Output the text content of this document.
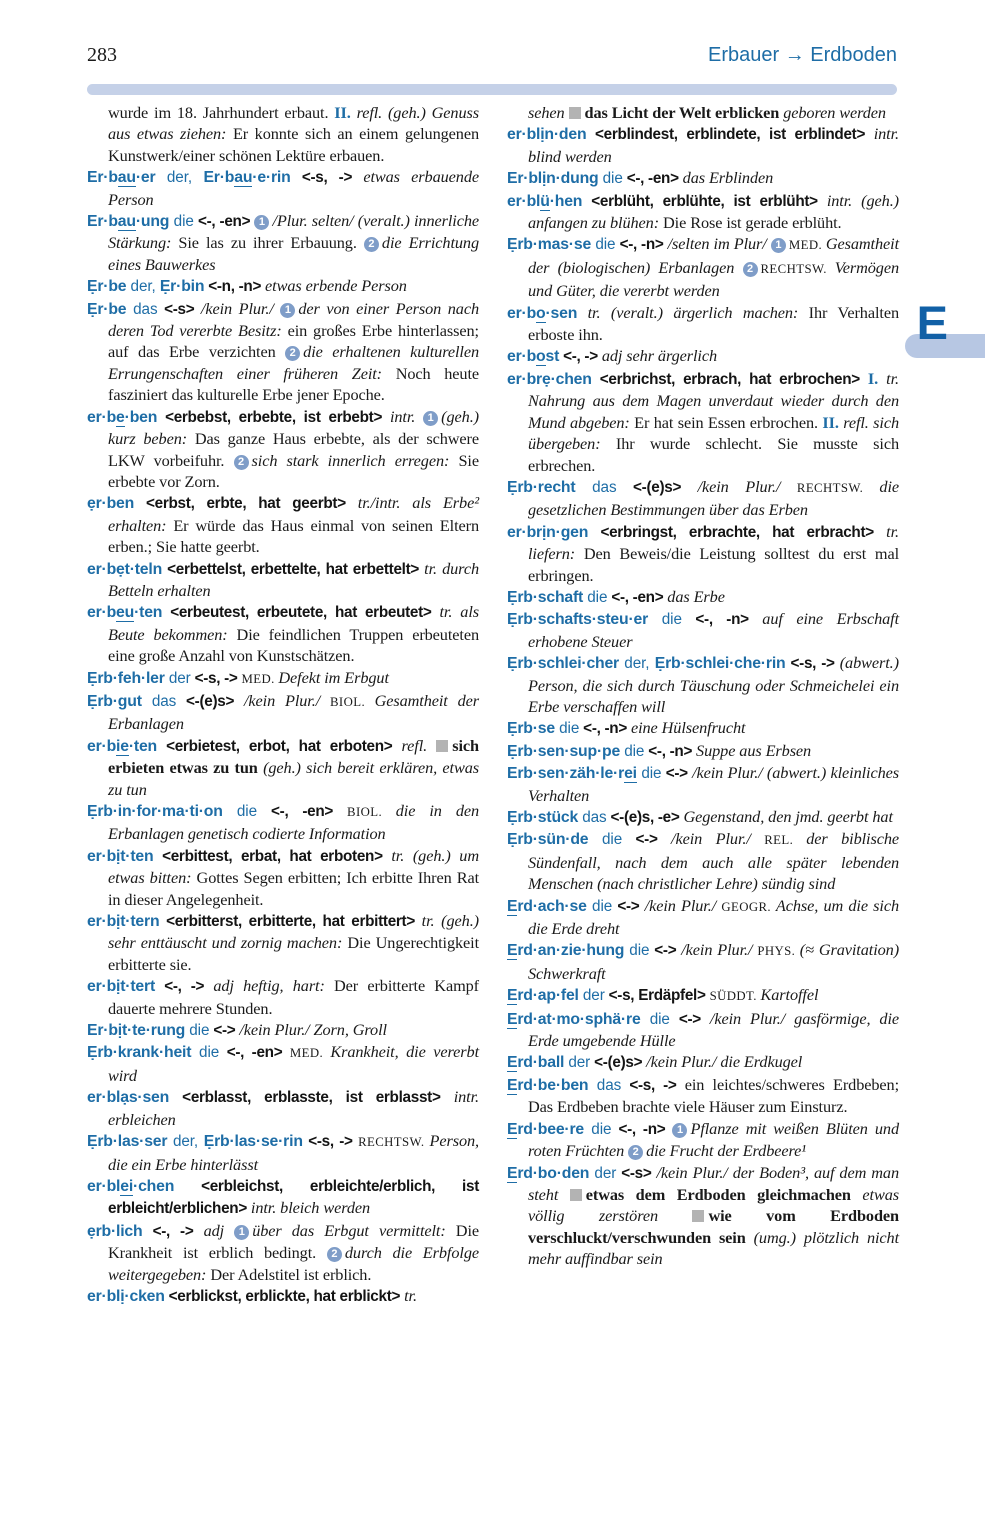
283	Erbauer → Erdboden

wurde im 18. Jahrhundert erbaut. II. refl. (geh.) Genuss aus etwas ziehen: Er konnte sich an einem gelungenen Kunstwerk/einer schönen Lektüre erbauen.

Er·bau·er der, Er·bau·e·rin <-s, -> etwas erbauende Person

Er·bau·ung die <-, -en> 1 /Plur. selten/ (veralt.) innerliche Stärkung: Sie las zu ihrer Erbauung. 2 die Errichtung eines Bauwerkes

Ẹr·be der, Ẹr·bin <-n, -n> etwas erbende Person

Ẹr·be das <-s> /kein Plur./ 1 der von einer Person nach deren Tod vererbte Besitz: ein großes Erbe hinterlassen; auf das Erbe verzichten 2 die erhaltenen kulturellen Errungenschaften einer früheren Zeit: Noch heute fasziniert das kulturelle Erbe jener Epoche.

er·be·ben <erbebst, erbebte, ist erbebt> intr. 1 (geh.) kurz beben: Das ganze Haus erbebte, als der schwere LKW vorbeifuhr. 2 sich stark innerlich erregen: Sie erbebte vor Zorn.

ẹr·ben <erbst, erbte, hat geerbt> tr./intr. als Erbe² erhalten: Er würde das Haus einmal von seinen Eltern erben.; Sie hatte geerbt.

er·bẹt·teln <erbettelst, erbettelte, hat erbettelt> tr. durch Betteln erhalten

er·beu·ten <erbeutest, erbeutete, hat erbeutet> tr. als Beute bekommen: Die feindlichen Truppen erbeuteten eine große Anzahl von Kunstschätzen.

Ẹrb·feh·ler der <-s, -> MED. Defekt im Erbgut

Ẹrb·gut das <-(e)s> /kein Plur./ BIOL. Gesamtheit der Erbanlagen

er·bie·ten <erbietest, erbot, hat erboten> refl. sich erbieten etwas zu tun (geh.) sich bereit erklären, etwas zu tun

Ẹrb·in·for·ma·ti·on die <-, -en> BIOL. die in den Erbanlagen genetisch codierte Information

er·bịt·ten <erbittest, erbat, hat erboten> tr. (geh.) um etwas bitten: Gottes Segen erbitten; Ich erbitte Ihren Rat in dieser Angelegenheit.

er·bịt·tern <erbitterst, erbitterte, hat erbittert> tr. (geh.) sehr enttäuscht und zornig machen: Die Ungerechtigkeit erbitterte sie.

er·bịt·tert <-, -> adj heftig, hart: Der erbitterte Kampf dauerte mehrere Stunden.

Er·bịt·te·rung die <-> /kein Plur./ Zorn, Groll

Ẹrb·krank·heit die <-, -en> MED. Krankheit, die vererbt wird

er·blạs·sen <erblasst, erblasste, ist erblasst> intr. erbleichen

Ẹrb·las·ser der, Ẹrb·las·se·rin <-s, -> RECHTSW. Person, die ein Erbe hinterlässt

er·blei·chen <erbleichst, erbleichte/erblich, ist erbleicht/erblichen> intr. bleich werden

ẹrb·lich <-, -> adj 1 über das Erbgut vermittelt: Die Krankheit ist erblich bedingt. 2 durch die Erbfolge weitergegeben: Der Adelstitel ist erblich.

er·blị·cken <erblickst, erblickte, hat erblickt> tr.

sehen das Licht der Welt erblicken geboren werden

er·blịn·den <erblindest, erblindete, ist erblindet> intr. blind werden

Er·blịn·dung die <-, -en> das Erblinden

er·blü·hen <erblüht, erblühte, ist erblüht> intr. (geh.) anfangen zu blühen: Die Rose ist gerade erblüht.

Ẹrb·mas·se die <-, -n> /selten im Plur/ 1 MED. Gesamtheit der (biologischen) Erbanlagen 2 RECHTSW. Vermögen und Güter, die vererbt werden

er·bo·sen tr. (veralt.) ärgerlich machen: Ihr Verhalten erboste ihn.

er·bost <-, -> adj sehr ärgerlich

er·brẹ·chen <erbrichst, erbrach, hat erbrochen> I. tr. Nahrung aus dem Magen unverdaut wieder durch den Mund abgeben: Er hat sein Essen erbrochen. II. refl. sich übergeben: Ihr wurde schlecht. Sie musste sich erbrechen.

Ẹrb·recht das <-(e)s> /kein Plur./ RECHTSW. die gesetzlichen Bestimmungen über das Erben

er·brịn·gen <erbringst, erbrachte, hat erbracht> tr. liefern: Den Beweis/die Leistung solltest du erst mal erbringen.

Ẹrb·schaft die <-, -en> das Erbe

Ẹrb·schafts·steu·er die <-, -n> auf eine Erbschaft erhobene Steuer

Ẹrb·schlei·cher der, Ẹrb·schlei·che·rin <-s, -> (abwert.) Person, die sich durch Täuschung oder Schmeichelei ein Erbe verschaffen will

Ẹrb·se die <-, -n> eine Hülsenfrucht

Ẹrb·sen·sup·pe die <-, -n> Suppe aus Erbsen

Erb·sen·zäh·le·rei die <-> /kein Plur./ (abwert.) kleinliches Verhalten

Ẹrb·stück das <-(e)s, -e> Gegenstand, den jmd. geerbt hat

Ẹrb·sün·de die <-> /kein Plur./ REL. der biblische Sündenfall, nach dem auch alle später lebenden Menschen (nach christlicher Lehre) sündig sind

Erd·ach·se die <-> /kein Plur./ GEOGR. Achse, um die sich die Erde dreht

Erd·an·zie·hung die <-> /kein Plur./ PHYS. (≈ Gravitation) Schwerkraft

Erd·ap·fel der <-s, Erdäpfel> SÜDDT. Kartoffel

Erd·at·mo·sphä·re die <-> /kein Plur./ gasförmige, die Erde umgebende Hülle

Erd·ball der <-(e)s> /kein Plur./ die Erdkugel

Erd·be·ben das <-s, -> ein leichtes/schweres Erdbeben; Das Erdbeben brachte viele Häuser zum Einsturz.

Erd·bee·re die <-, -n> 1 Pflanze mit weißen Blüten und roten Früchten 2 die Frucht der Erdbeere¹

Erd·bo·den der <-s> /kein Plur./ der Boden³, auf dem man steht etwas dem Erdboden gleichmachen etwas völlig zerstören wie vom Erdboden verschluckt/verschwunden sein (umg.) plötzlich nicht mehr auffindbar sein

E
